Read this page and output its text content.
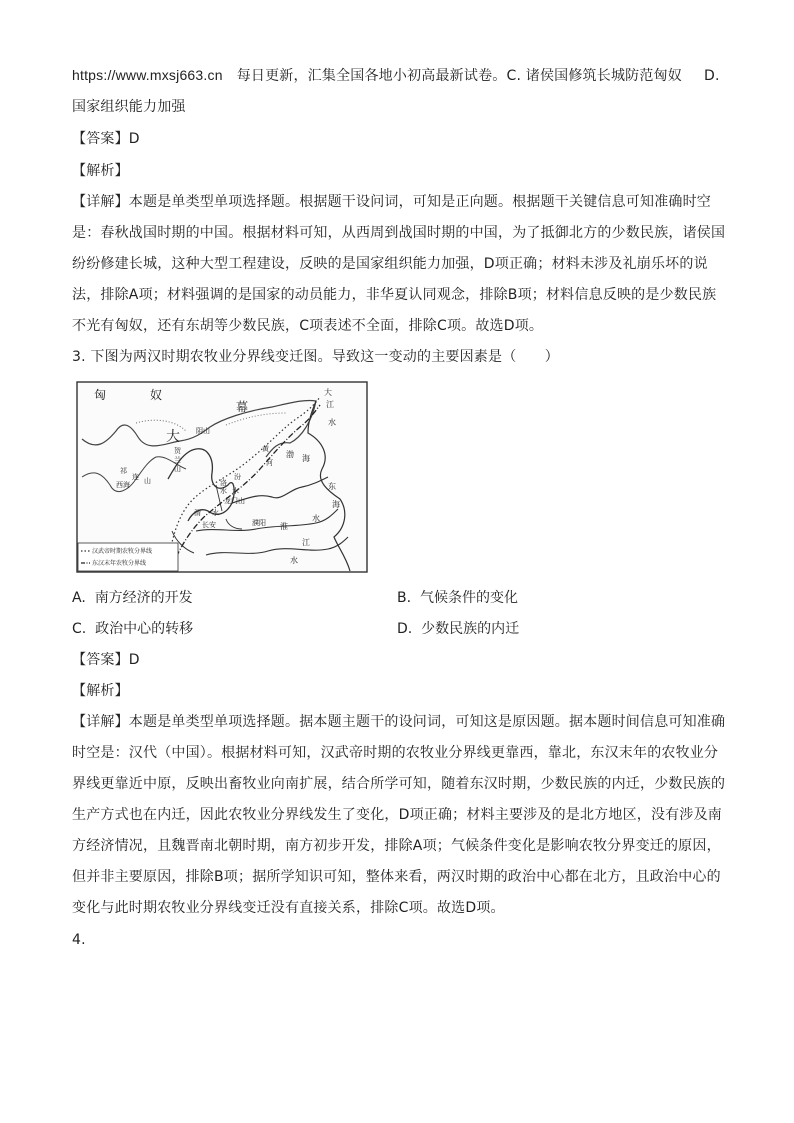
https://www.mxsj663.cn 每日更新，汇集全国各地小初高最新试卷。C. 诸侯国修筑长城防范匈奴 D.
国家组织能力加强
【答案】D
【解析】
【详解】本题是单类型单项选择题。根据题干设问词，可知是正向题。根据题干关键信息可知准确时空
是：春秋战国时期的中国。根据材料可知，从西周到战国时期的中国，为了抵御北方的少数民族，诸侯国
纷纷修建长城，这种大型工程建设，反映的是国家组织能力加强，D项正确；材料未涉及礼崩乐坏的说
法，排除A项；材料强调的是国家的动员能力，非华夏认同观念，排除B项；材料信息反映的是少数民族
不光有匈奴，还有东胡等少数民族，C项表述不全面，排除C项。故选D项。
3. 下图为两汉时期农牧业分界线变迁图。导致这一变动的主要因素是（　　）
匈	奴
幕
大
大
阴山
贺
兰
山
祁
连 山
西海
江
水
渤 海
黄
河
东
海
汾
水
洛
水
龙门山
渭 水
长安	濮阳 淮
水
江
水
汉武帝时期农牧分界线
东汉末年农牧分界线
A. 南方经济的开发	B. 气候条件的变化
C. 政治中心的转移	D. 少数民族的内迁
【答案】D
【解析】
【详解】本题是单类型单项选择题。据本题主题干的设问词，可知这是原因题。据本题时间信息可知准确
时空是：汉代（中国）。根据材料可知，汉武帝时期的农牧业分界线更靠西，靠北，东汉末年的农牧业分
界线更靠近中原，反映出畜牧业向南扩展，结合所学可知，随着东汉时期，少数民族的内迁，少数民族的
生产方式也在内迁，因此农牧业分界线发生了变化，D项正确；材料主要涉及的是北方地区，没有涉及南
方经济情况，且魏晋南北朝时期，南方初步开发，排除A项；气候条件变化是影响农牧分界变迁的原因，
但并非主要原因，排除B项；据所学知识可知，整体来看，两汉时期的政治中心都在北方，且政治中心的
变化与此时期农牧业分界线变迁没有直接关系，排除C项。故选D项。
4.
